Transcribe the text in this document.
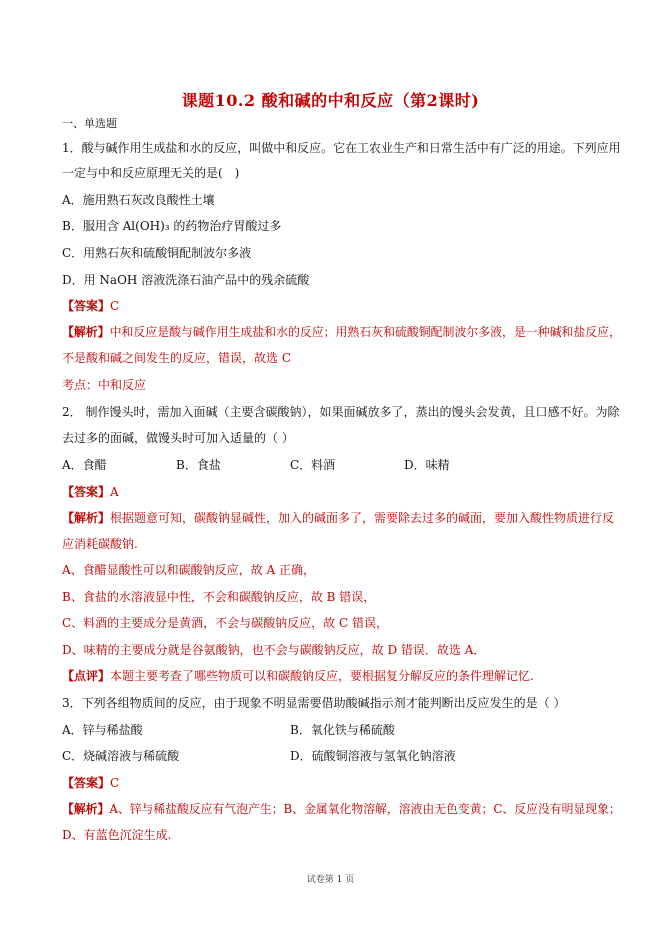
课题10.2 酸和碱的中和反应（第2课时)
一、单选题
1．酸与碱作用生成盐和水的反应，叫做中和反应。它在工农业生产和日常生活中有广泛的用途。下列应用
一定与中和反应原理无关的是(　)
A．施用熟石灰改良酸性土壤
B．服用含 Al(OH)₃ 的药物治疗胃酸过多
C．用熟石灰和硫酸铜配制波尔多液
D．用 NaOH 溶液洗涤石油产品中的残余硫酸
【答案】C
【解析】中和反应是酸与碱作用生成盐和水的反应；用熟石灰和硫酸铜配制波尔多液，是一种碱和盐反应，
不是酸和碱之间发生的反应，错误，故选 C
考点：中和反应
2． 制作馒头时，需加入面碱（主要含碳酸钠），如果面碱放多了，蒸出的馒头会发黄，且口感不好。为除
去过多的面碱，做馒头时可加入适量的（ ）
A．食醋	B．食盐	C．料酒	D．味精
【答案】A
【解析】根据题意可知，碳酸钠显碱性，加入的碱面多了，需要除去过多的碱面，要加入酸性物质进行反
应消耗碳酸钠.
A、食醋显酸性可以和碳酸钠反应，故 A 正确，
B、食盐的水溶液显中性，不会和碳酸钠反应，故 B 错误，
C、料酒的主要成分是黄酒，不会与碳酸钠反应，故 C 错误，
D、味精的主要成分就是谷氨酸钠，也不会与碳酸钠反应，故 D 错误．故选 A．
【点评】本题主要考查了哪些物质可以和碳酸钠反应，要根据复分解反应的条件理解记忆.
3．下列各组物质间的反应，由于现象不明显需要借助酸碱指示剂才能判断出反应发生的是（ ）
A．锌与稀盐酸	B．氧化铁与稀硫酸
C．烧碱溶液与稀硫酸	D．硫酸铜溶液与氢氧化钠溶液
【答案】C
【解析】A、锌与稀盐酸反应有气泡产生；B、金属氧化物溶解，溶液由无色变黄；C、反应没有明显现象；
D、有蓝色沉淀生成.
试卷第 1 页
